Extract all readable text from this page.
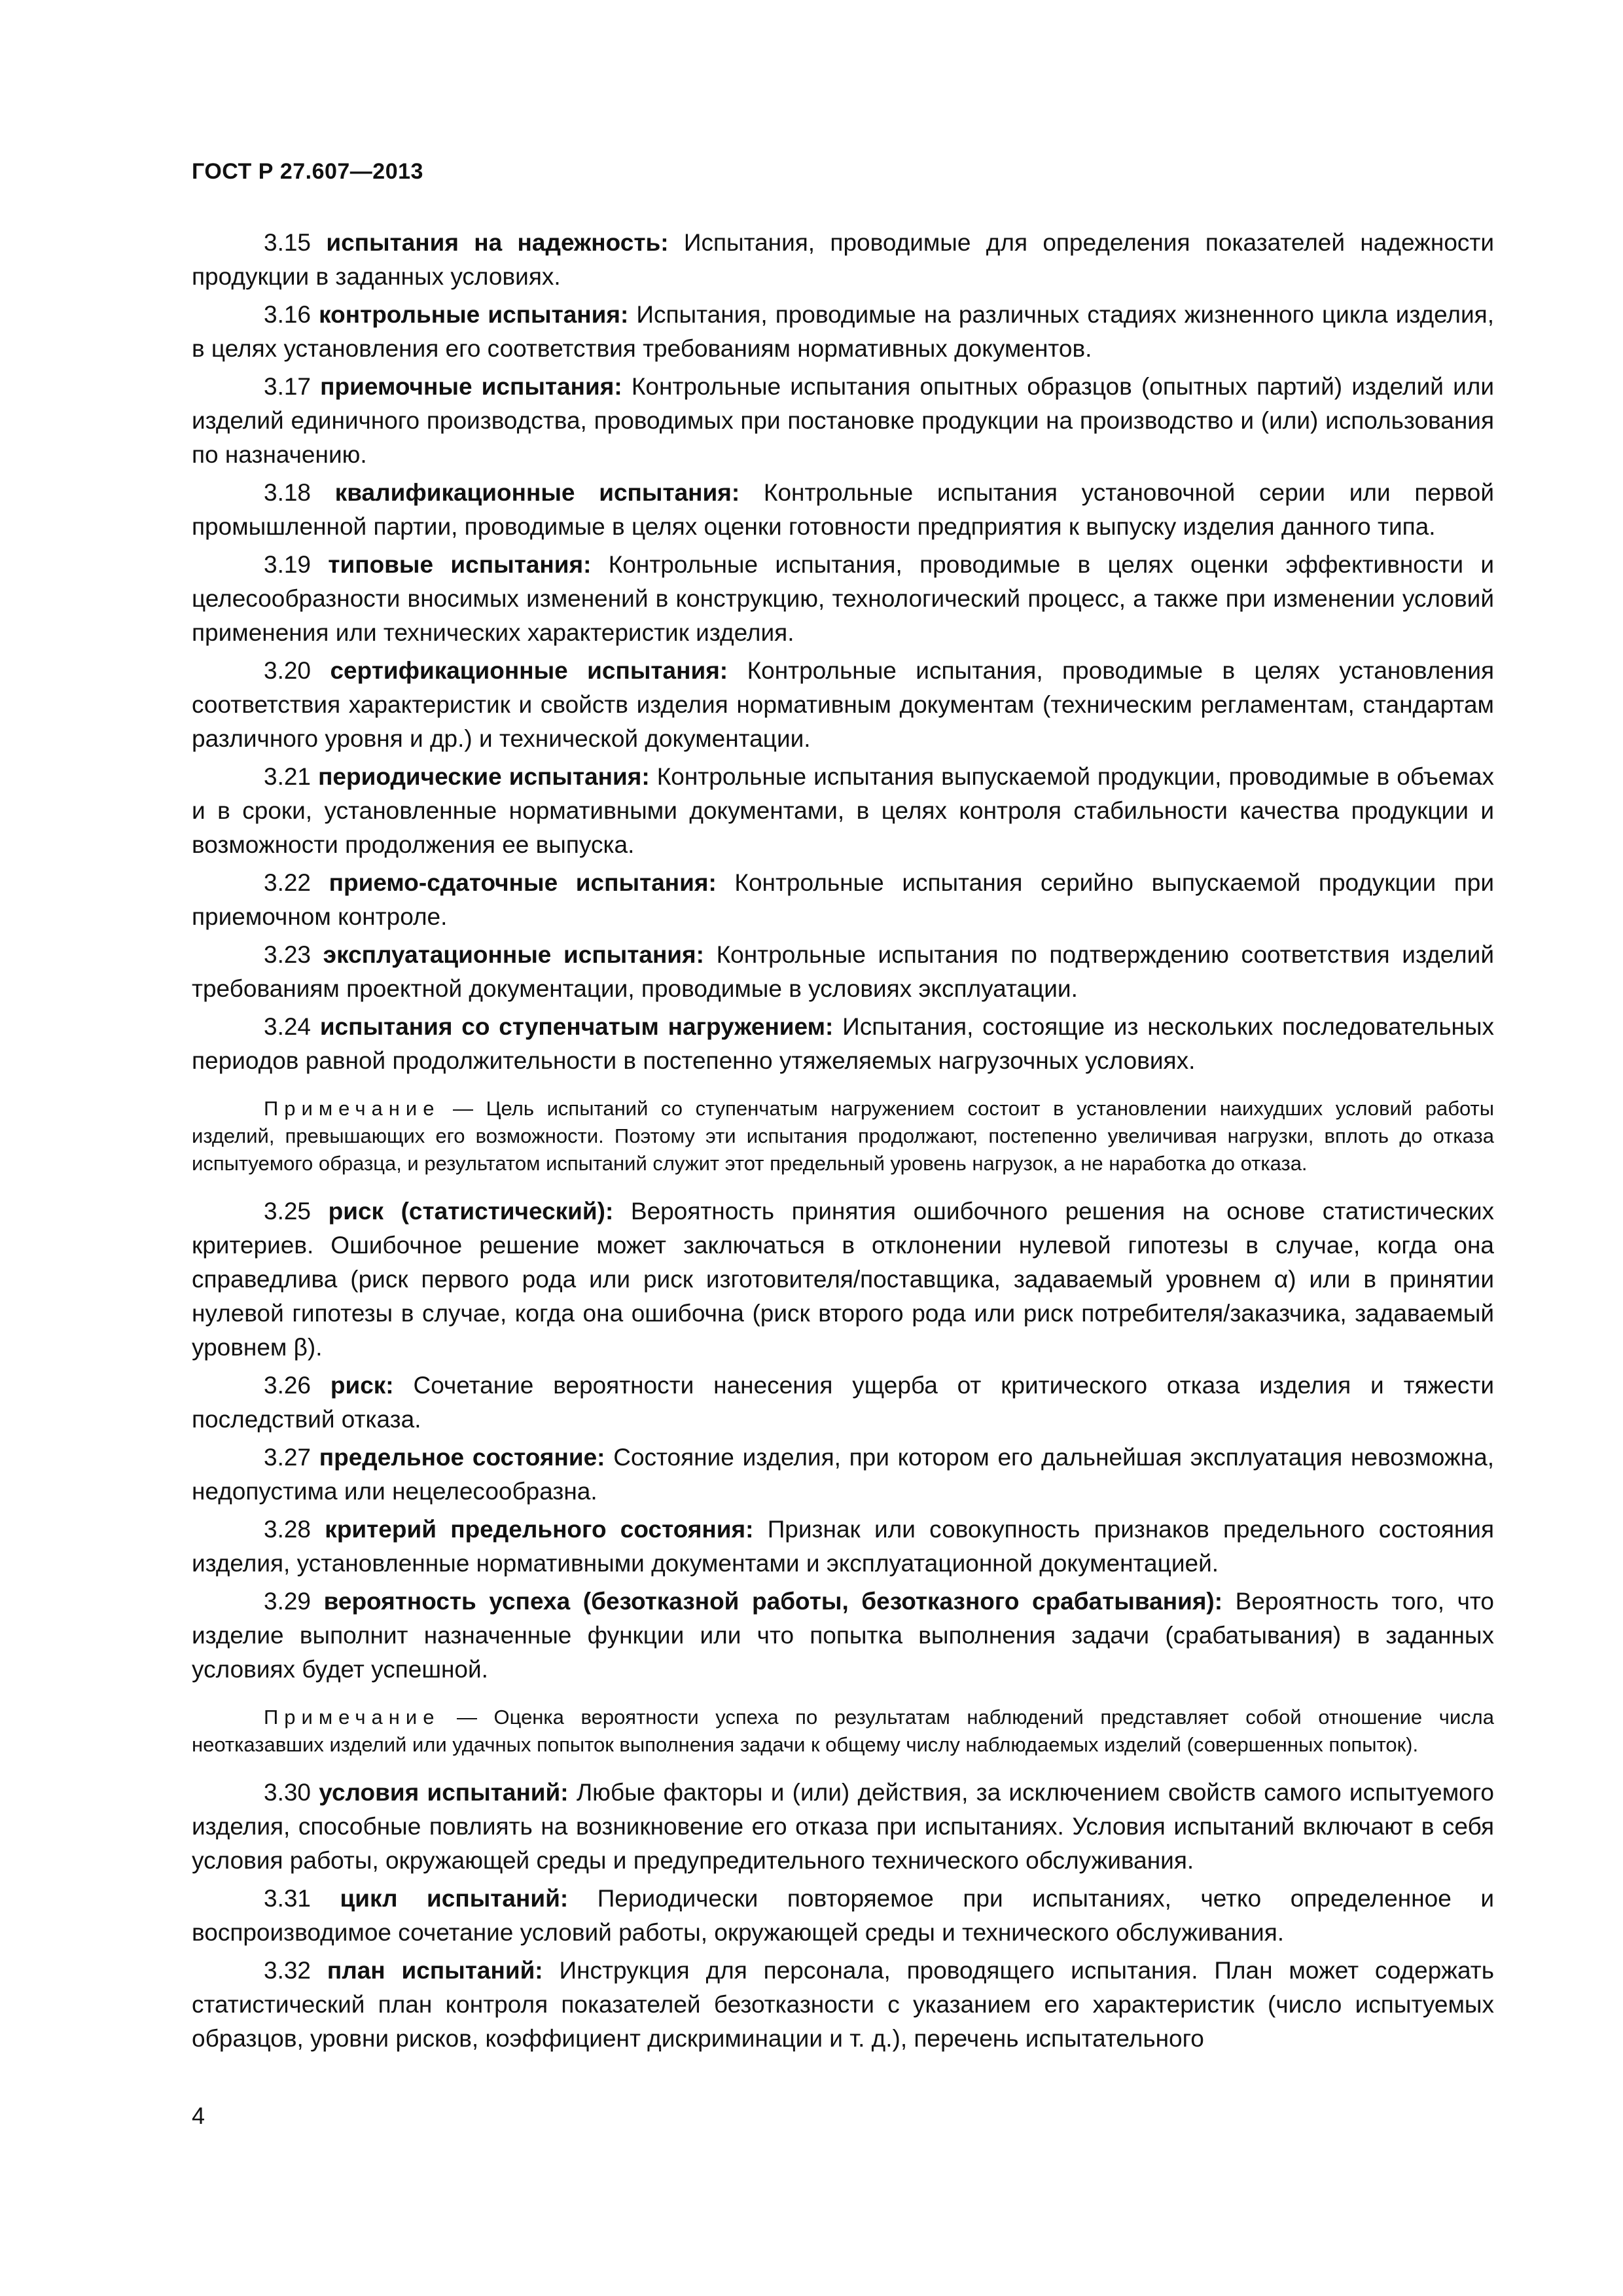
ГОСТ Р 27.607—2013

3.15 испытания на надежность: Испытания, проводимые для определения показателей надежности продукции в заданных условиях.

3.16 контрольные испытания: Испытания, проводимые на различных стадиях жизненного цикла изделия, в целях установления его соответствия требованиям нормативных документов.

3.17 приемочные испытания: Контрольные испытания опытных образцов (опытных партий) изделий или изделий единичного производства, проводимых при постановке продукции на производство и (или) использования по назначению.

3.18 квалификационные испытания: Контрольные испытания установочной серии или первой промышленной партии, проводимые в целях оценки готовности предприятия к выпуску изделия данного типа.

3.19 типовые испытания: Контрольные испытания, проводимые в целях оценки эффективности и целесообразности вносимых изменений в конструкцию, технологический процесс, а также при изменении условий применения или технических характеристик изделия.

3.20 сертификационные испытания: Контрольные испытания, проводимые в целях установления соответствия характеристик и свойств изделия нормативным документам (техническим регламентам, стандартам различного уровня и др.) и технической документации.

3.21 периодические испытания: Контрольные испытания выпускаемой продукции, проводимые в объемах и в сроки, установленные нормативными документами, в целях контроля стабильности качества продукции и возможности продолжения ее выпуска.

3.22 приемо-сдаточные испытания: Контрольные испытания серийно выпускаемой продукции при приемочном контроле.

3.23 эксплуатационные испытания: Контрольные испытания по подтверждению соответствия изделий требованиям проектной документации, проводимые в условиях эксплуатации.

3.24 испытания со ступенчатым нагружением: Испытания, состоящие из нескольких последовательных периодов равной продолжительности в постепенно утяжеляемых нагрузочных условиях.

Примечание — Цель испытаний со ступенчатым нагружением состоит в установлении наихудших условий работы изделий, превышающих его возможности. Поэтому эти испытания продолжают, постепенно увеличивая нагрузки, вплоть до отказа испытуемого образца, и результатом испытаний служит этот предельный уровень нагрузок, а не наработка до отказа.

3.25 риск (статистический): Вероятность принятия ошибочного решения на основе статистических критериев. Ошибочное решение может заключаться в отклонении нулевой гипотезы в случае, когда она справедлива (риск первого рода или риск изготовителя/поставщика, задаваемый уровнем α) или в принятии нулевой гипотезы в случае, когда она ошибочна (риск второго рода или риск потребителя/заказчика, задаваемый уровнем β).

3.26 риск: Сочетание вероятности нанесения ущерба от критического отказа изделия и тяжести последствий отказа.

3.27 предельное состояние: Состояние изделия, при котором его дальнейшая эксплуатация невозможна, недопустима или нецелесообразна.

3.28 критерий предельного состояния: Признак или совокупность признаков предельного состояния изделия, установленные нормативными документами и эксплуатационной документацией.

3.29 вероятность успеха (безотказной работы, безотказного срабатывания): Вероятность того, что изделие выполнит назначенные функции или что попытка выполнения задачи (срабатывания) в заданных условиях будет успешной.

Примечание — Оценка вероятности успеха по результатам наблюдений представляет собой отношение числа неотказавших изделий или удачных попыток выполнения задачи к общему числу наблюдаемых изделий (совершенных попыток).

3.30 условия испытаний: Любые факторы и (или) действия, за исключением свойств самого испытуемого изделия, способные повлиять на возникновение его отказа при испытаниях. Условия испытаний включают в себя условия работы, окружающей среды и предупредительного технического обслуживания.

3.31 цикл испытаний: Периодически повторяемое при испытаниях, четко определенное и воспроизводимое сочетание условий работы, окружающей среды и технического обслуживания.

3.32 план испытаний: Инструкция для персонала, проводящего испытания. План может содержать статистический план контроля показателей безотказности с указанием его характеристик (число испытуемых образцов, уровни рисков, коэффициент дискриминации и т. д.), перечень испытательного

4
